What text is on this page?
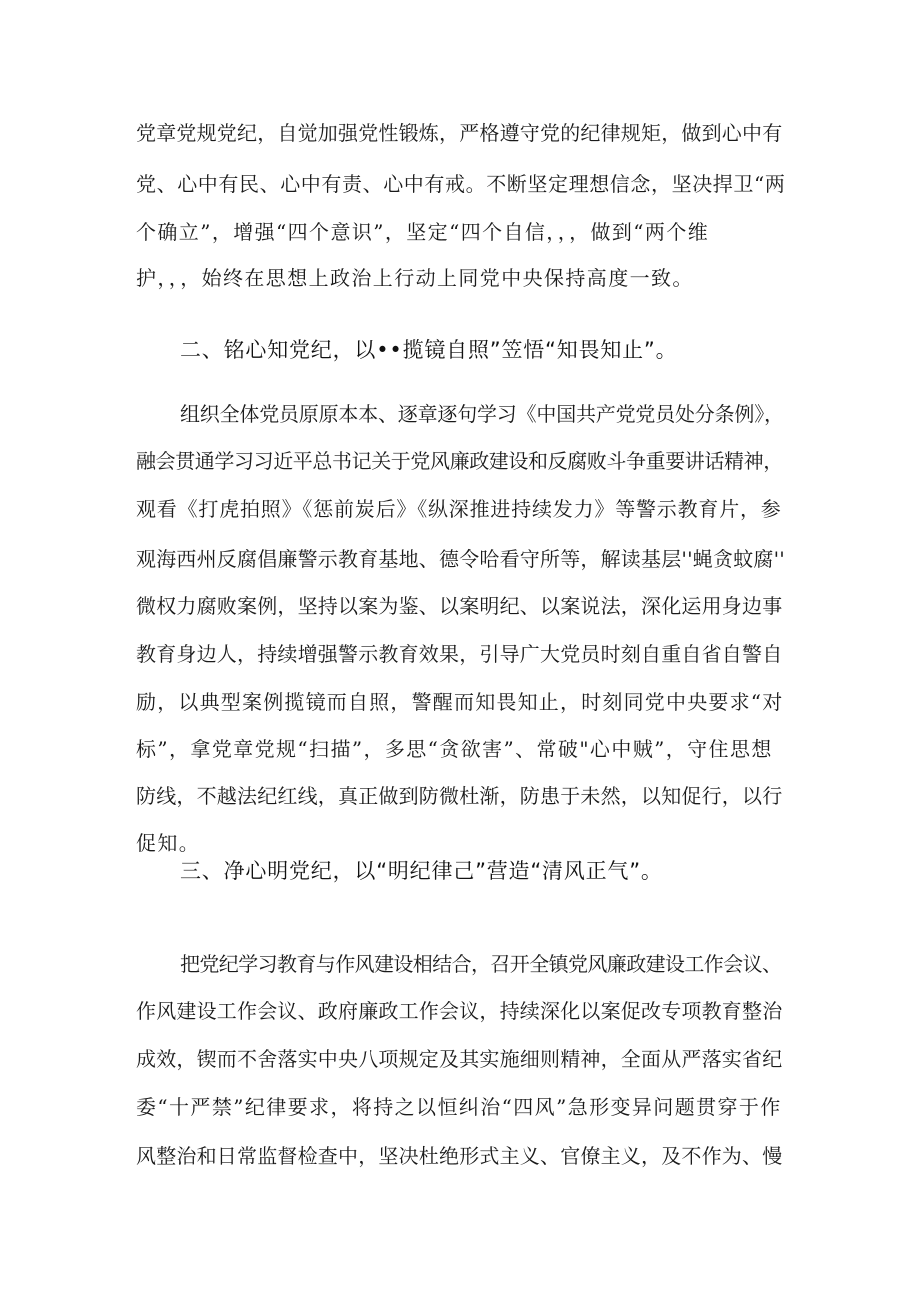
党章党规党纪，自觉加强党性锻炼，严格遵守党的纪律规矩，做到心中有
党、心中有民、心中有责、心中有戒。不断坚定理想信念，坚决捍卫“两
个确立”，增强“四个意识”，坚定“四个自信，，，做到“两个维
护，，，始终在思想上政治上行动上同党中央保持高度一致。
二、铭心知党纪，以••揽镜自照”笠悟“知畏知止”。
组织全体党员原原本本、逐章逐句学习《中国共产党党员处分条例》，
融会贯通学习习近平总书记关于党风廉政建设和反腐败斗争重要讲话精神，
观看《打虎拍照》《惩前炭后》《纵深推进持续发力》等警示教育片，参
观海西州反腐倡廉警示教育基地、德令哈看守所等，解读基层''蝇贪蚊腐''
微权力腐败案例，坚持以案为鉴、以案明纪、以案说法，深化运用身边事
教育身边人，持续增强警示教育效果，引导广大党员时刻自重自省自警自
励，以典型案例揽镜而自照，警醒而知畏知止，时刻同党中央要求“对
标”，拿党章党规“扫描”，多思“贪欲害”、常破"心中贼”，守住思想
防线，不越法纪红线，真正做到防微杜渐，防患于未然，以知促行，以行
促知。
三、净心明党纪，以“明纪律己”营造“清风正气”。
把党纪学习教育与作风建设相结合，召开全镇党风廉政建设工作会议、
作风建设工作会议、政府廉政工作会议，持续深化以案促改专项教育整治
成效，锲而不舍落实中央八项规定及其实施细则精神，全面从严落实省纪
委“十严禁”纪律要求，将持之以恒纠治“四风”急形变异问题贯穿于作
风整治和日常监督检查中，坚决杜绝形式主义、官僚主义，及不作为、慢
